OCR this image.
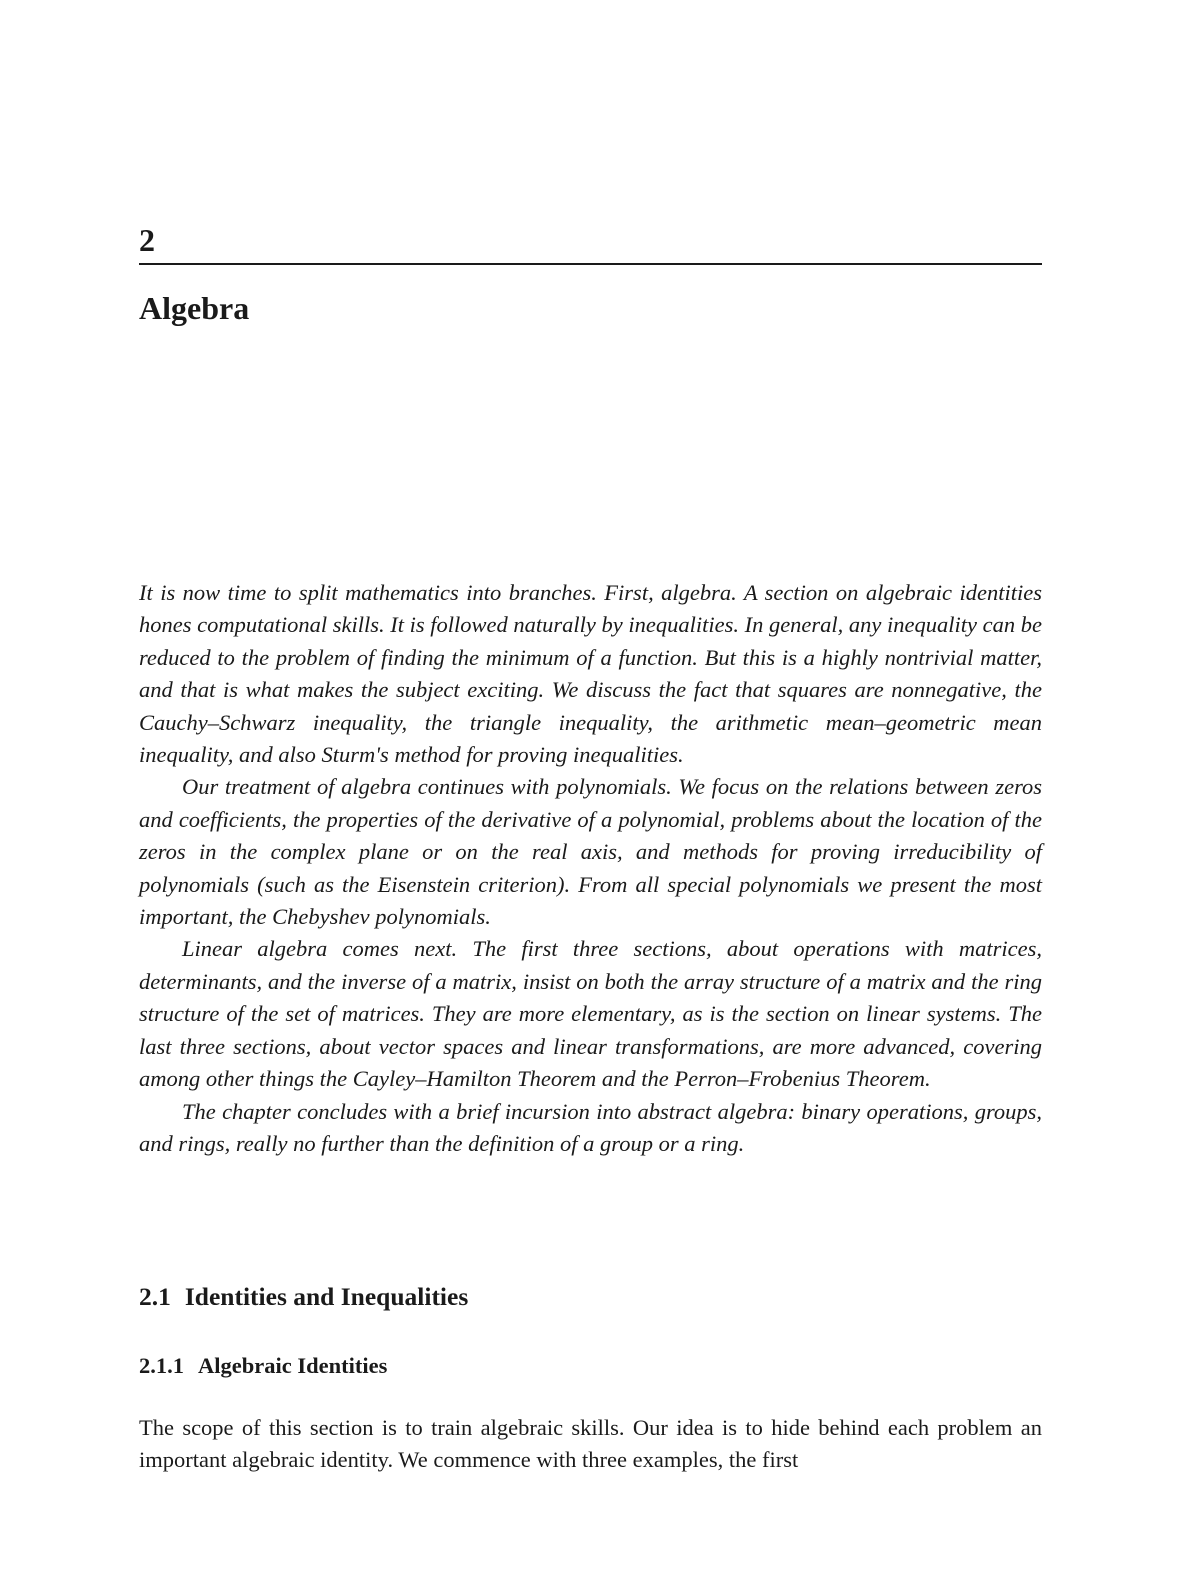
2
Algebra

It is now time to split mathematics into branches. First, algebra. A section on algebraic identities hones computational skills. It is followed naturally by inequalities. In general, any inequality can be reduced to the problem of finding the minimum of a function. But this is a highly nontrivial matter, and that is what makes the subject exciting. We discuss the fact that squares are nonnegative, the Cauchy–Schwarz inequality, the triangle inequality, the arithmetic mean–geometric mean inequality, and also Sturm's method for proving inequalities.

Our treatment of algebra continues with polynomials. We focus on the relations between zeros and coefficients, the properties of the derivative of a polynomial, problems about the location of the zeros in the complex plane or on the real axis, and methods for proving irreducibility of polynomials (such as the Eisenstein criterion). From all special polynomials we present the most important, the Chebyshev polynomials.

Linear algebra comes next. The first three sections, about operations with matrices, determinants, and the inverse of a matrix, insist on both the array structure of a matrix and the ring structure of the set of matrices. They are more elementary, as is the section on linear systems. The last three sections, about vector spaces and linear transformations, are more advanced, covering among other things the Cayley–Hamilton Theorem and the Perron–Frobenius Theorem.

The chapter concludes with a brief incursion into abstract algebra: binary operations, groups, and rings, really no further than the definition of a group or a ring.

2.1 Identities and Inequalities
2.1.1 Algebraic Identities

The scope of this section is to train algebraic skills. Our idea is to hide behind each problem an important algebraic identity. We commence with three examples, the first
